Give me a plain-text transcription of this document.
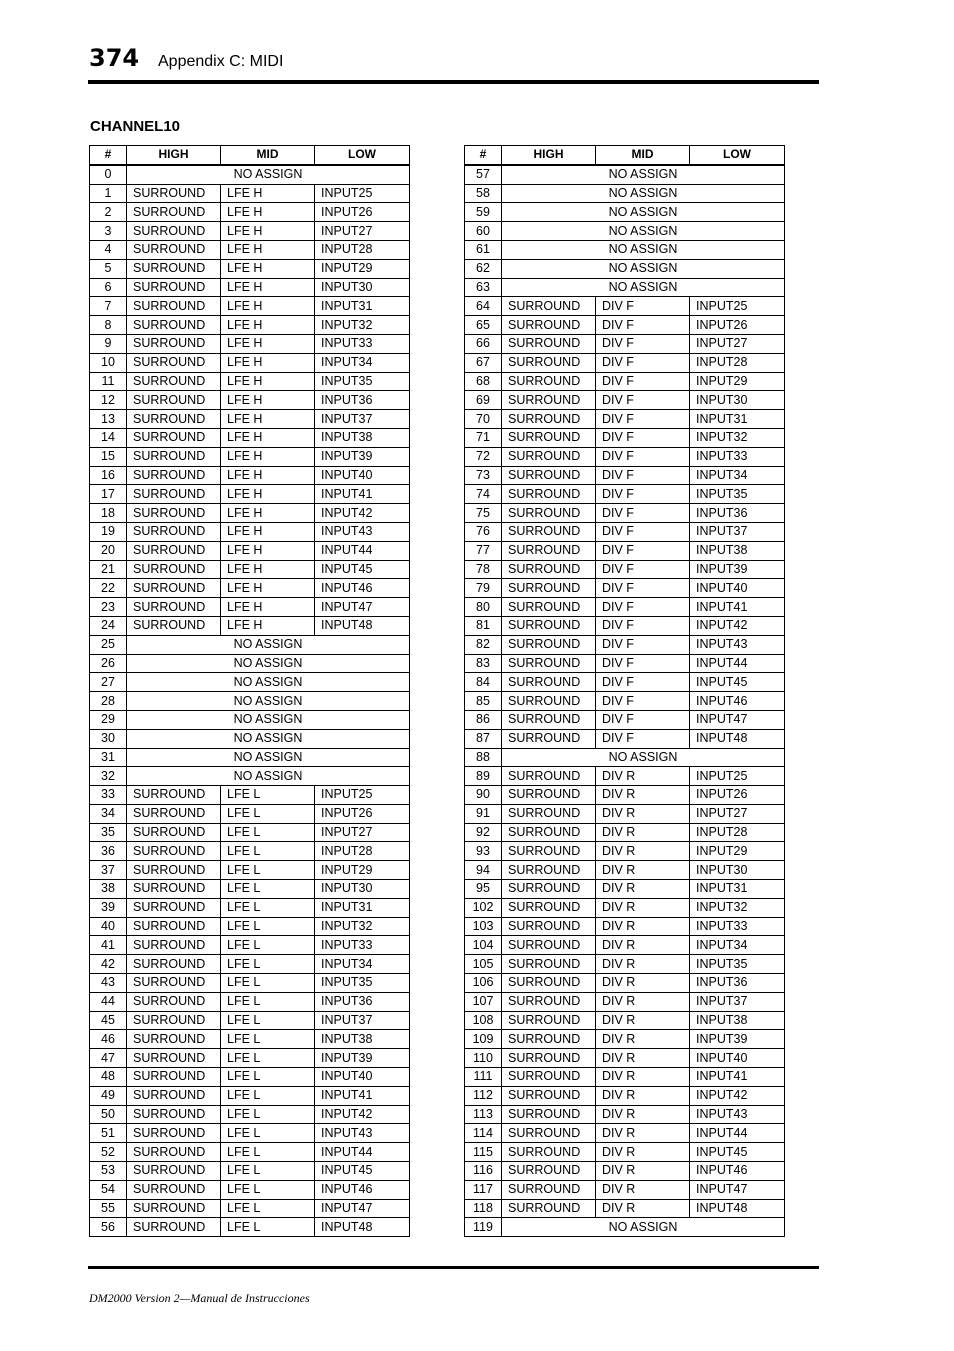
374 Appendix C: MIDI
CHANNEL10
#	HIGH	MID	LOW
0	NO ASSIGN		
1	SURROUND	LFE H	INPUT25
2	SURROUND	LFE H	INPUT26
3	SURROUND	LFE H	INPUT27
4	SURROUND	LFE H	INPUT28
5	SURROUND	LFE H	INPUT29
6	SURROUND	LFE H	INPUT30
7	SURROUND	LFE H	INPUT31
8	SURROUND	LFE H	INPUT32
9	SURROUND	LFE H	INPUT33
10	SURROUND	LFE H	INPUT34
11	SURROUND	LFE H	INPUT35
12	SURROUND	LFE H	INPUT36
13	SURROUND	LFE H	INPUT37
14	SURROUND	LFE H	INPUT38
15	SURROUND	LFE H	INPUT39
16	SURROUND	LFE H	INPUT40
17	SURROUND	LFE H	INPUT41
18	SURROUND	LFE H	INPUT42
19	SURROUND	LFE H	INPUT43
20	SURROUND	LFE H	INPUT44
21	SURROUND	LFE H	INPUT45
22	SURROUND	LFE H	INPUT46
23	SURROUND	LFE H	INPUT47
24	SURROUND	LFE H	INPUT48
25	NO ASSIGN		
26	NO ASSIGN		
27	NO ASSIGN		
28	NO ASSIGN		
29	NO ASSIGN		
30	NO ASSIGN		
31	NO ASSIGN		
32	NO ASSIGN		
33	SURROUND	LFE L	INPUT25
34	SURROUND	LFE L	INPUT26
35	SURROUND	LFE L	INPUT27
36	SURROUND	LFE L	INPUT28
37	SURROUND	LFE L	INPUT29
38	SURROUND	LFE L	INPUT30
39	SURROUND	LFE L	INPUT31
40	SURROUND	LFE L	INPUT32
41	SURROUND	LFE L	INPUT33
42	SURROUND	LFE L	INPUT34
43	SURROUND	LFE L	INPUT35
44	SURROUND	LFE L	INPUT36
45	SURROUND	LFE L	INPUT37
46	SURROUND	LFE L	INPUT38
47	SURROUND	LFE L	INPUT39
48	SURROUND	LFE L	INPUT40
49	SURROUND	LFE L	INPUT41
50	SURROUND	LFE L	INPUT42
51	SURROUND	LFE L	INPUT43
52	SURROUND	LFE L	INPUT44
53	SURROUND	LFE L	INPUT45
54	SURROUND	LFE L	INPUT46
55	SURROUND	LFE L	INPUT47
56	SURROUND	LFE L	INPUT48
#	HIGH	MID	LOW
57	NO ASSIGN		
58	NO ASSIGN		
59	NO ASSIGN		
60	NO ASSIGN		
61	NO ASSIGN		
62	NO ASSIGN		
63	NO ASSIGN		
64	SURROUND	DIV F	INPUT25
65	SURROUND	DIV F	INPUT26
66	SURROUND	DIV F	INPUT27
67	SURROUND	DIV F	INPUT28
68	SURROUND	DIV F	INPUT29
69	SURROUND	DIV F	INPUT30
70	SURROUND	DIV F	INPUT31
71	SURROUND	DIV F	INPUT32
72	SURROUND	DIV F	INPUT33
73	SURROUND	DIV F	INPUT34
74	SURROUND	DIV F	INPUT35
75	SURROUND	DIV F	INPUT36
76	SURROUND	DIV F	INPUT37
77	SURROUND	DIV F	INPUT38
78	SURROUND	DIV F	INPUT39
79	SURROUND	DIV F	INPUT40
80	SURROUND	DIV F	INPUT41
81	SURROUND	DIV F	INPUT42
82	SURROUND	DIV F	INPUT43
83	SURROUND	DIV F	INPUT44
84	SURROUND	DIV F	INPUT45
85	SURROUND	DIV F	INPUT46
86	SURROUND	DIV F	INPUT47
87	SURROUND	DIV F	INPUT48
88	NO ASSIGN		
89	SURROUND	DIV R	INPUT25
90	SURROUND	DIV R	INPUT26
91	SURROUND	DIV R	INPUT27
92	SURROUND	DIV R	INPUT28
93	SURROUND	DIV R	INPUT29
94	SURROUND	DIV R	INPUT30
95	SURROUND	DIV R	INPUT31
102	SURROUND	DIV R	INPUT32
103	SURROUND	DIV R	INPUT33
104	SURROUND	DIV R	INPUT34
105	SURROUND	DIV R	INPUT35
106	SURROUND	DIV R	INPUT36
107	SURROUND	DIV R	INPUT37
108	SURROUND	DIV R	INPUT38
109	SURROUND	DIV R	INPUT39
110	SURROUND	DIV R	INPUT40
111	SURROUND	DIV R	INPUT41
112	SURROUND	DIV R	INPUT42
113	SURROUND	DIV R	INPUT43
114	SURROUND	DIV R	INPUT44
115	SURROUND	DIV R	INPUT45
116	SURROUND	DIV R	INPUT46
117	SURROUND	DIV R	INPUT47
118	SURROUND	DIV R	INPUT48
119	NO ASSIGN		
DM2000 Version 2—Manual de Instrucciones
